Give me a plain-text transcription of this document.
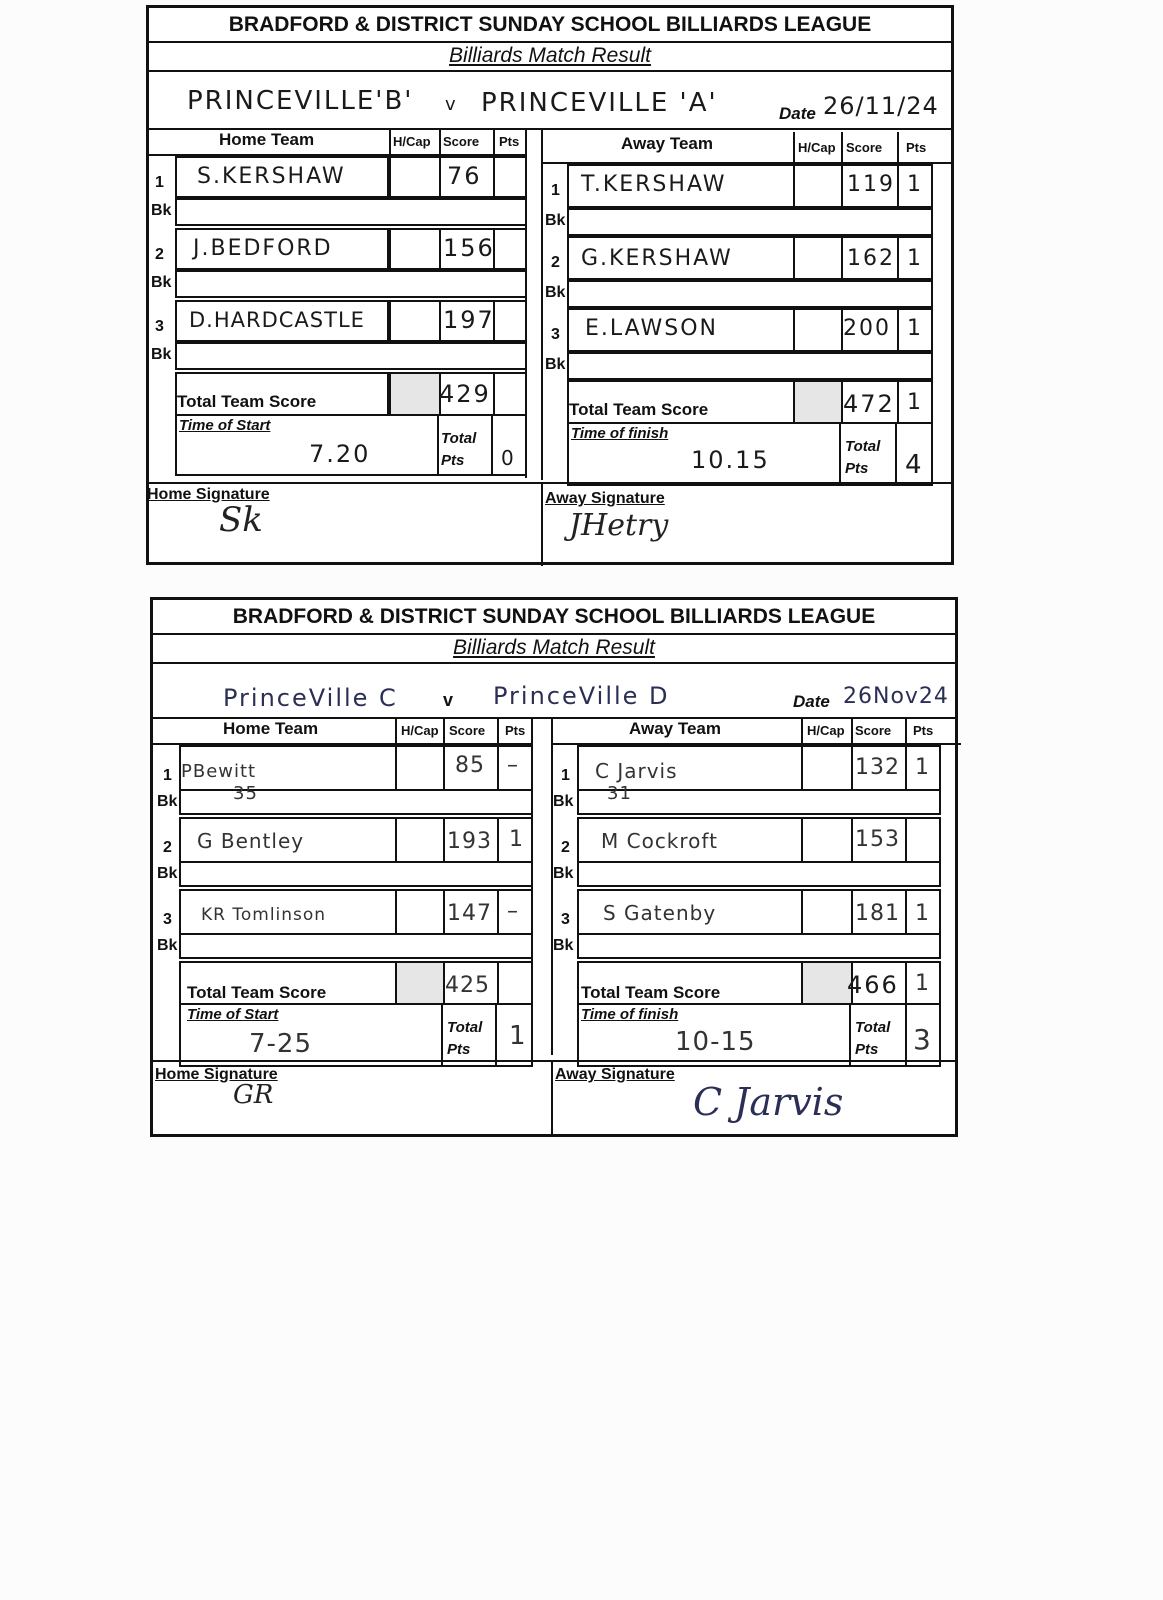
BRADFORD & DISTRICT SUNDAY SCHOOL BILLIARDS LEAGUE
Billiards Match Result
PRINCEVILLE'B' v PRINCEVILLE 'A'	Date 26/11/24
Home Team	H/Cap Score Pts
1 S.KERSHAW	76
Bk
2 J.BEDFORD	156
Bk
3 D.HARDCASTLE	197
Bk
Total Team Score	429
Time of Start
7.20
Total
Pts 0
Away Team	H/Cap Score Pts
1 T.KERSHAW	119 1
Bk
2 G.KERSHAW	162 1
Bk
3 E.LAWSON	200 1
Bk
Total Team Score	472 1
Time of finish
10.15	Total
Pts 4
Home Signature
Sk
Away Signature
JHetry
BRADFORD & DISTRICT SUNDAY SCHOOL BILLIARDS LEAGUE
Billiards Match Result
PrinceVille C	v PrinceVille D	Date 26Nov24
Home Team	H/Cap Score Pts
1 PBewitt	85 –
Bk	35
2 G Bentley	193 1
Bk
3 KR Tomlinson	147 –
Bk
Total Team Score	425
Time of Start
7-25
Total
Pts 1
Away Team	H/Cap Score Pts
1 C Jarvis	132 1
Bk 31
2 M Cockroft	153
Bk
3 S Gatenby	181 1
Bk
Total Team Score	466 1
Time of finish
10-15	Total
Pts 3
Home Signature
GR
Away Signature
C Jarvis
